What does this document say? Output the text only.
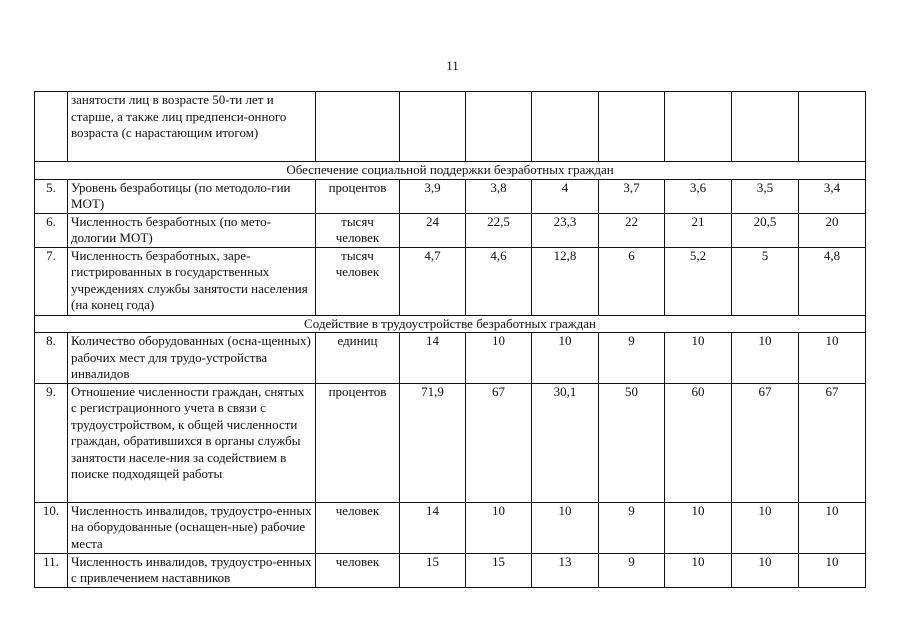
11
	занятости лиц в возрасте 50-ти лет и старше, а также лиц предпенси-онного возраста (с нарастающим итогом)								
Обеспечение социальной поддержки безработных граждан									
5.	Уровень безработицы (по методоло-гии МОТ)	процентов	3,9	3,8	4	3,7	3,6	3,5	3,4
6.	Численность безработных (по мето-дологии МОТ)	тысяч человек	24	22,5	23,3	22	21	20,5	20
7.	Численность безработных, заре-гистрированных в государственных учреждениях службы занятости населения (на конец года)	тысяч человек	4,7	4,6	12,8	6	5,2	5	4,8
Содействие в трудоустройстве безработных граждан									
8.	Количество оборудованных (осна-щенных) рабочих мест для трудо-устройства инвалидов	единиц	14	10	10	9	10	10	10
9.	Отношение численности граждан, снятых с регистрационного учета в связи с трудоустройством, к общей численности граждан, обратившихся в органы службы занятости населе-ния за содействием в поиске подходящей работы	процентов	71,9	67	30,1	50	60	67	67
10.	Численность инвалидов, трудоустро-енных на оборудованные (оснащен-ные) рабочие места	человек	14	10	10	9	10	10	10
11.	Численность инвалидов, трудоустро-енных с привлечением наставников	человек	15	15	13	9	10	10	10
